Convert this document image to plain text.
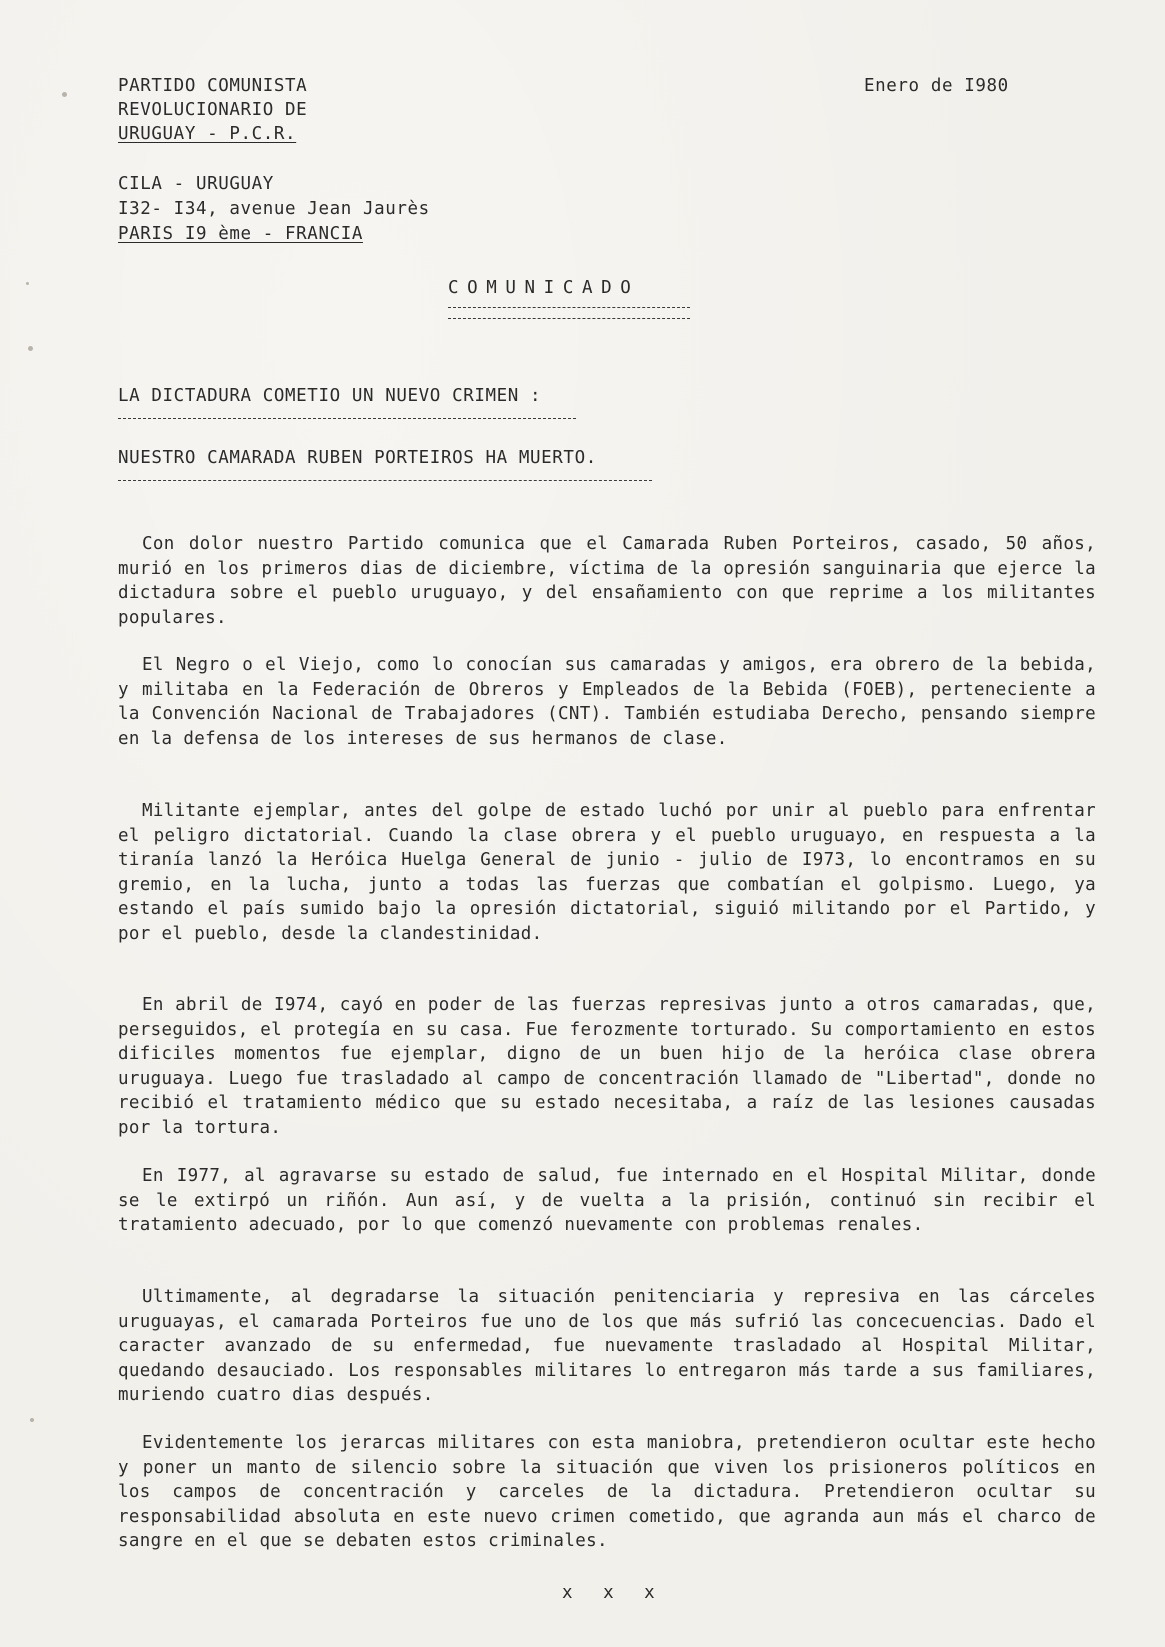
PARTIDO COMUNISTA
REVOLUCIONARIO DE
URUGUAY - P.C.R.
Enero de I980
CILA - URUGUAY
I32- I34, avenue Jean Jaurès
PARIS I9 ème - FRANCIA
COMUNICADO
LA DICTADURA COMETIO UN NUEVO CRIMEN :
NUESTRO CAMARADA RUBEN PORTEIROS HA MUERTO.
Con dolor nuestro Partido comunica que el Camarada Ruben Porteiros, casado, 50 años, murió en los primeros dias de diciembre, víctima de la opresión sanguinaria que ejerce la dictadura sobre el pueblo uruguayo, y del ensañamiento con que reprime a los militantes populares.
El Negro o el Viejo, como lo conocían sus camaradas y amigos, era obrero de la bebida, y militaba en la Federación de Obreros y Empleados de la Bebida (FOEB), perteneciente a la Convención Nacional de Trabajadores (CNT). También estudiaba Derecho, pensando siempre en la defensa de los intereses de sus hermanos de clase.
Militante ejemplar, antes del golpe de estado luchó por unir al pueblo para enfrentar el peligro dictatorial. Cuando la clase obrera y el pueblo uruguayo, en respuesta a la tiranía lanzó la Heróica Huelga General de junio - julio de I973, lo encontramos en su gremio, en la lucha, junto a todas las fuerzas que combatían el golpismo. Luego, ya estando el país sumido bajo la opresión dictatorial, siguió militando por el Partido, y por el pueblo, desde la clandestinidad.
En abril de I974, cayó en poder de las fuerzas represivas junto a otros camaradas, que, perseguidos, el protegía en su casa. Fue ferozmente torturado. Su comportamiento en estos dificiles momentos fue ejemplar, digno de un buen hijo de la heróica clase obrera uruguaya. Luego fue trasladado al campo de concentración llamado de "Libertad", donde no recibió el tratamiento médico que su estado necesitaba, a raíz de las lesiones causadas por la tortura.
En I977, al agravarse su estado de salud, fue internado en el Hospital Militar, donde se le extirpó un riñón. Aun así, y de vuelta a la prisión, continuó sin recibir el tratamiento adecuado, por lo que comenzó nuevamente con problemas renales.
Ultimamente, al degradarse la situación penitenciaria y represiva en las cárceles uruguayas, el camarada Porteiros fue uno de los que más sufrió las concecuencias. Dado el caracter avanzado de su enfermedad, fue nuevamente trasladado al Hospital Militar, quedando desauciado. Los responsables militares lo entregaron más tarde a sus familiares, muriendo cuatro dias después.
Evidentemente los jerarcas militares con esta maniobra, pretendieron ocultar este hecho y poner un manto de silencio sobre la situación que viven los prisioneros políticos en los campos de concentración y carceles de la dictadura. Pretendieron ocultar su responsabilidad absoluta en este nuevo crimen cometido, que agranda aun más el charco de sangre en el que se debaten estos criminales.
x x x
